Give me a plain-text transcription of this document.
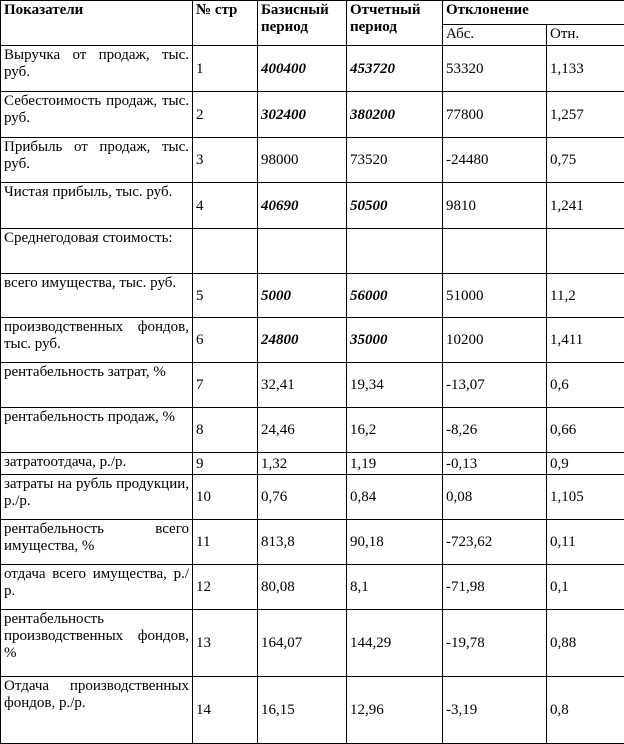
Показатели	№ стр	Базисный период	Отчетный период	Отклонение	
				Абс.	Отн.
Выручка от продаж, тыс. руб.	1	400400	453720	53320	1,133
Себестоимость продаж, тыс. руб.	2	302400	380200	77800	1,257
Прибыль от продаж, тыс. руб.	3	98000	73520	-24480	0,75
Чистая прибыль, тыс. руб.	4	40690	50500	9810	1,241
Среднегодовая стоимость:					
всего имущества, тыс. руб.	5	5000	56000	51000	11,2
производственных фондов, тыс. руб.	6	24800	35000	10200	1,411
рентабельность затрат, %	7	32,41	19,34	-13,07	0,6
рентабельность продаж, %	8	24,46	16,2	-8,26	0,66
затратоотдача, р./р.	9	1,32	1,19	-0,13	0,9
затраты на рубль продукции, р./р.	10	0,76	0,84	0,08	1,105
рентабельность всего имущества, %	11	813,8	90,18	-723,62	0,11
отдача всего имущества, р./р.	12	80,08	8,1	-71,98	0,1
рентабельность производственных фондов, %	13	164,07	144,29	-19,78	0,88
Отдача производственных фондов, р./р.	14	16,15	12,96	-3,19	0,8
